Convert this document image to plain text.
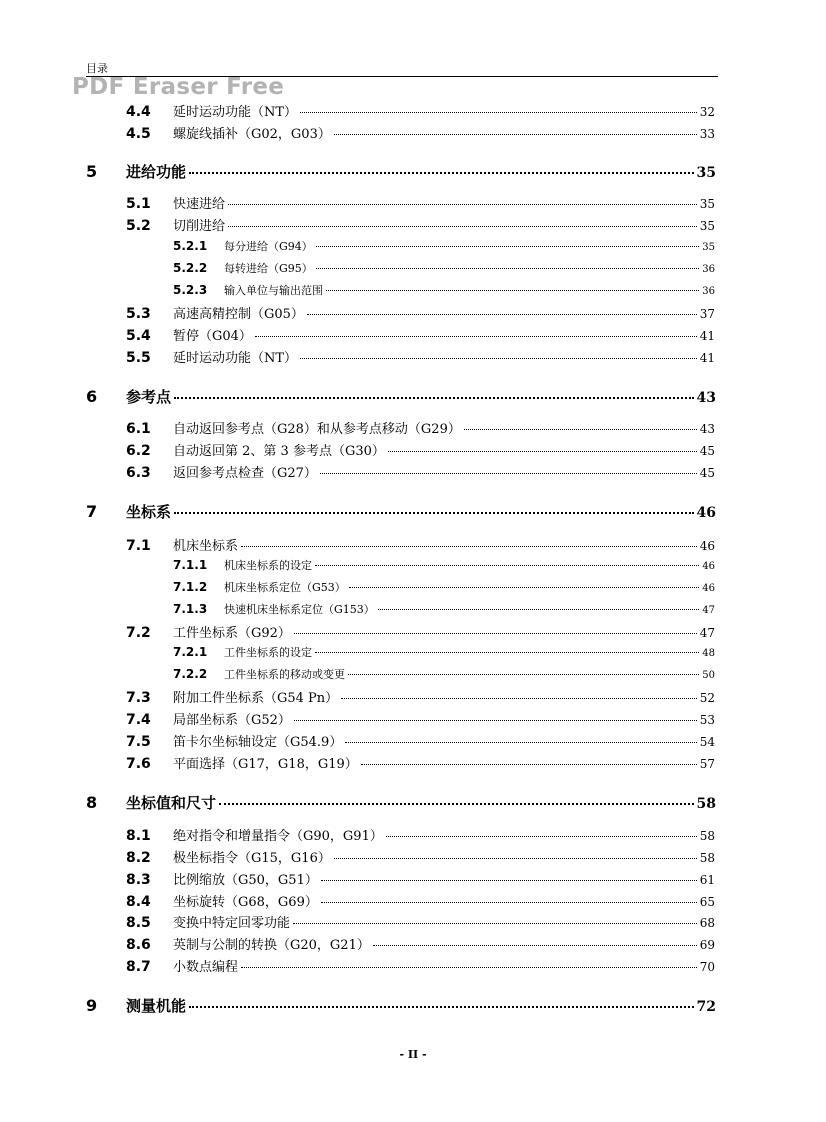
目录
PDF Eraser Free
4.4	延时运动功能（NT）	32
4.5	螺旋线插补（G02，G03）	33
5	进给功能	35
5.1	快速进给	35
5.2	切削进给	35
5.2.1	每分进给（G94）	35
5.2.2	每转进给（G95）	36
5.2.3	输入单位与输出范围	36
5.3	高速高精控制（G05）	37
5.4	暂停（G04）	41
5.5	延时运动功能（NT）	41
6	参考点	43
6.1	自动返回参考点（G28）和从参考点移动（G29）	43
6.2	自动返回第 2、第 3 参考点（G30）	45
6.3	返回参考点检查（G27）	45
7	坐标系	46
7.1	机床坐标系	46
7.1.1	机床坐标系的设定	46
7.1.2	机床坐标系定位（G53）	46
7.1.3	快速机床坐标系定位（G153）	47
7.2	工件坐标系（G92）	47
7.2.1	工件坐标系的设定	48
7.2.2	工件坐标系的移动或变更	50
7.3	附加工件坐标系（G54 Pn）	52
7.4	局部坐标系（G52）	53
7.5	笛卡尔坐标轴设定（G54.9）	54
7.6	平面选择（G17，G18，G19）	57
8	坐标值和尺寸	58
8.1	绝对指令和增量指令（G90，G91）	58
8.2	极坐标指令（G15，G16）	58
8.3	比例缩放（G50，G51）	61
8.4	坐标旋转（G68，G69）	65
8.5	变换中特定回零功能	68
8.6	英制与公制的转换（G20，G21）	69
8.7	小数点编程	70
9	测量机能	72
- II -
